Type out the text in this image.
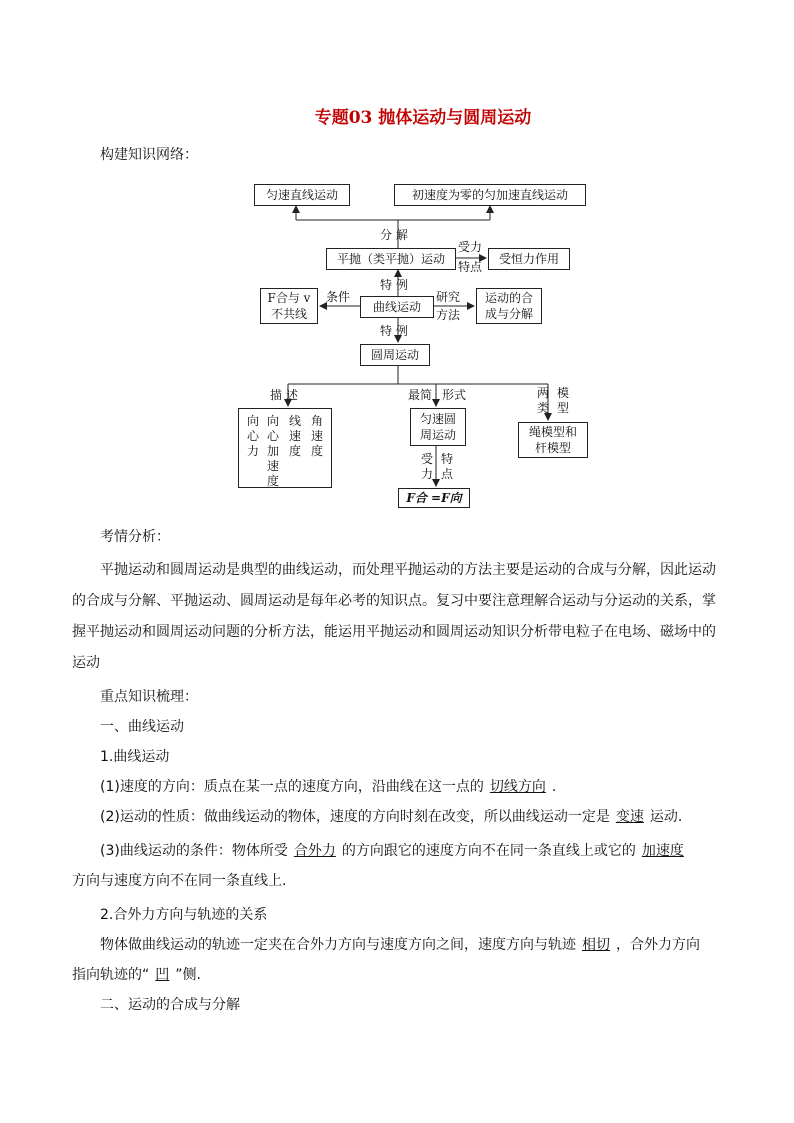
专题03 抛体运动与圆周运动
构建知识网络：
匀速直线运动	初速度为零的匀加速直线运动
分 解
平抛（类平抛）运动
受力
特点
受恒力作用
特 例
F合与 v 不共线
条件
曲线运动
研究
方法
运动的合成与分解
特 例
圆周运动
描 述
向心力
向心加速度
线速度
角速度
最简 形式
匀速圆周运动
受力
特点
F合 =F向
两类
模型
绳模型和杆模型
考情分析：
平抛运动和圆周运动是典型的曲线运动，而处理平抛运动的方法主要是运动的合成与分解，因此运动的合成与分解、平抛运动、圆周运动是每年必考的知识点。复习中要注意理解合运动与分运动的关系，掌握平抛运动和圆周运动问题的分析方法，能运用平抛运动和圆周运动知识分析带电粒子在电场、磁场中的运动
重点知识梳理：
一、曲线运动
1.曲线运动
(1)速度的方向：质点在某一点的速度方向，沿曲线在这一点的 切线方向 .
(2)运动的性质：做曲线运动的物体，速度的方向时刻在改变，所以曲线运动一定是 变速 运动.
(3)曲线运动的条件：物体所受 合外力 的方向跟它的速度方向不在同一条直线上或它的 加速度
方向与速度方向不在同一条直线上.
2.合外力方向与轨迹的关系
物体做曲线运动的轨迹一定夹在合外力方向与速度方向之间，速度方向与轨迹 相切 ，合外力方向
指向轨迹的“ 凹 ”侧.
二、运动的合成与分解
